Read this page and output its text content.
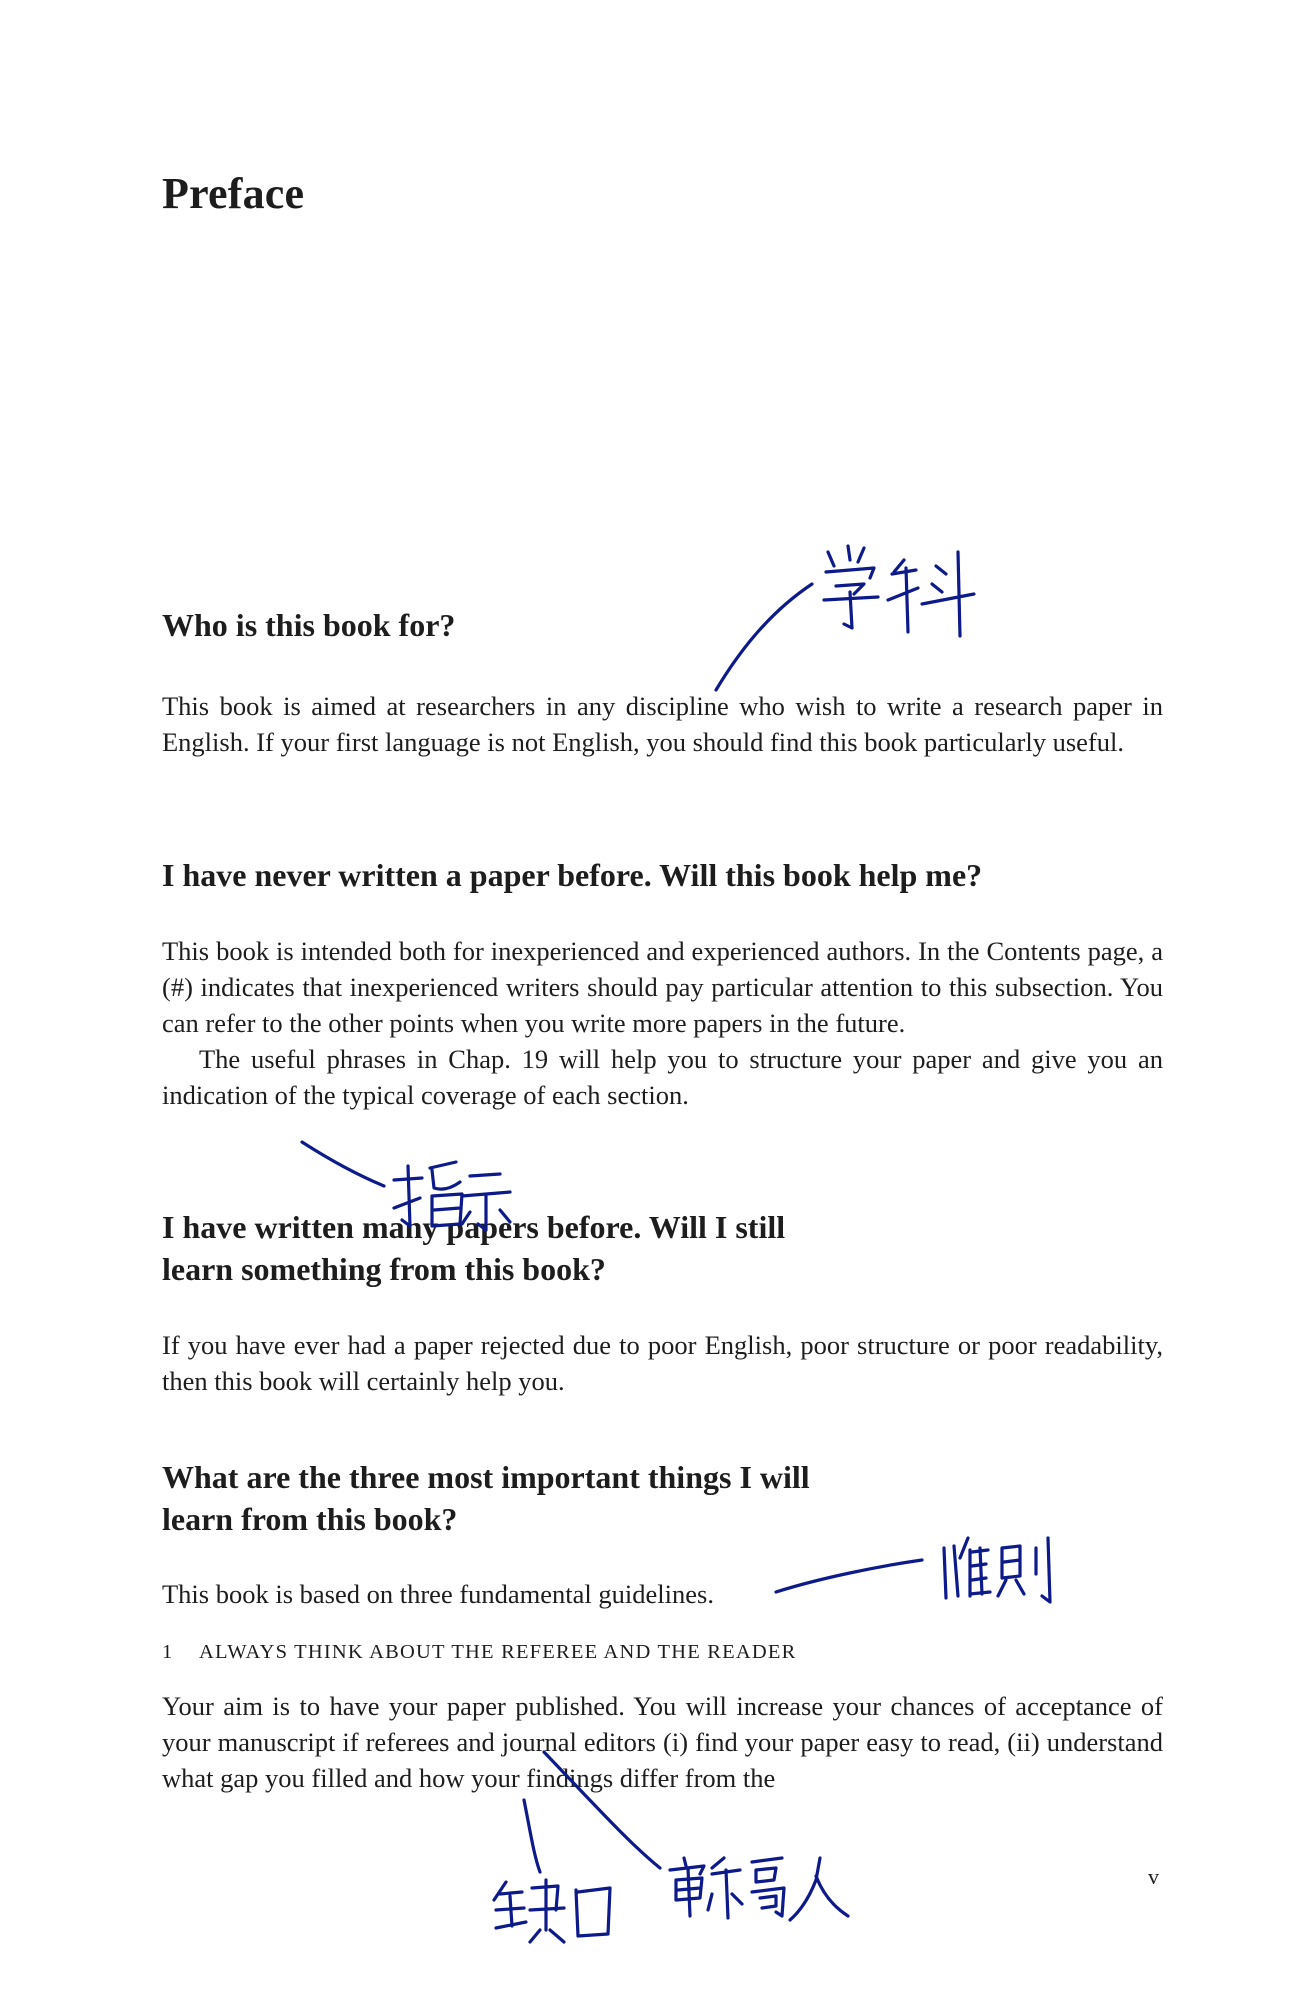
Preface
Who is this book for?

This book is aimed at researchers in any discipline who wish to write a research paper in English. If your first language is not English, you should find this book particularly useful.

I have never written a paper before. Will this book help me?

This book is intended both for inexperienced and experienced authors. In the Contents page, a (#) indicates that inexperienced writers should pay particular attention to this subsection. You can refer to the other points when you write more papers in the future.

The useful phrases in Chap. 19 will help you to structure your paper and give you an indication of the typical coverage of each section.

I have written many papers before. Will I still
learn something from this book?

If you have ever had a paper rejected due to poor English, poor structure or poor readability, then this book will certainly help you.

What are the three most important things I will
learn from this book?

This book is based on three fundamental guidelines.

1 ALWAYS THINK ABOUT THE REFEREE AND THE READER

Your aim is to have your paper published. You will increase your chances of acceptance of your manuscript if referees and journal editors (i) find your paper easy to read, (ii) understand what gap you filled and how your findings differ from the

v
